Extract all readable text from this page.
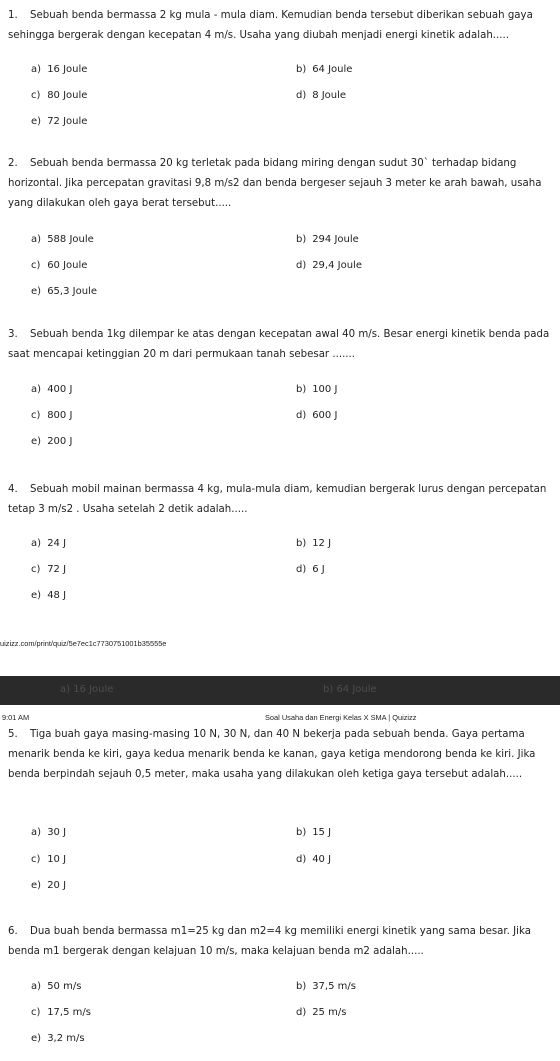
1. Sebuah benda bermassa 2 kg mula - mula diam. Kemudian benda tersebut diberikan sebuah gaya sehingga bergerak dengan kecepatan 4 m/s. Usaha yang diubah menjadi energi kinetik adalah.....
a) 16 Joule	b) 64 Joule
c) 80 Joule	d) 8 Joule
e) 72 Joule
2. Sebuah benda bermassa 20 kg terletak pada bidang miring dengan sudut 30` terhadap bidang horizontal. Jika percepatan gravitasi 9,8 m/s2 dan benda bergeser sejauh 3 meter ke arah bawah, usaha yang dilakukan oleh gaya berat tersebut.....
a) 588 Joule	b) 294 Joule
c) 60 Joule	d) 29,4 Joule
e) 65,3 Joule
3. Sebuah benda 1kg dilempar ke atas dengan kecepatan awal 40 m/s. Besar energi kinetik benda pada saat mencapai ketinggian 20 m dari permukaan tanah sebesar .......
a) 400 J	b) 100 J
c) 800 J	d) 600 J
e) 200 J
4. Sebuah mobil mainan bermassa 4 kg, mula-mula diam, kemudian bergerak lurus dengan percepatan tetap 3 m/s2 . Usaha setelah 2 detik adalah.....
a) 24 J	b) 12 J
c) 72 J	d) 6 J
e) 48 J
uizizz.com/print/quiz/5e7ec1c7730751001b35555e
a) 16 Joule	b) 64 Joule
9:01 AM	Soal Usaha dan Energi Kelas X SMA | Quizizz
5. Tiga buah gaya masing-masing 10 N, 30 N, dan 40 N bekerja pada sebuah benda. Gaya pertama menarik benda ke kiri, gaya kedua menarik benda ke kanan, gaya ketiga mendorong benda ke kiri. Jika benda berpindah sejauh 0,5 meter, maka usaha yang dilakukan oleh ketiga gaya tersebut adalah.....
a) 30 J	b) 15 J
c) 10 J	d) 40 J
e) 20 J
6. Dua buah benda bermassa m1=25 kg dan m2=4 kg memiliki energi kinetik yang sama besar. Jika benda m1 bergerak dengan kelajuan 10 m/s, maka kelajuan benda m2 adalah.....
a) 50 m/s	b) 37,5 m/s
c) 17,5 m/s	d) 25 m/s
e) 3,2 m/s
